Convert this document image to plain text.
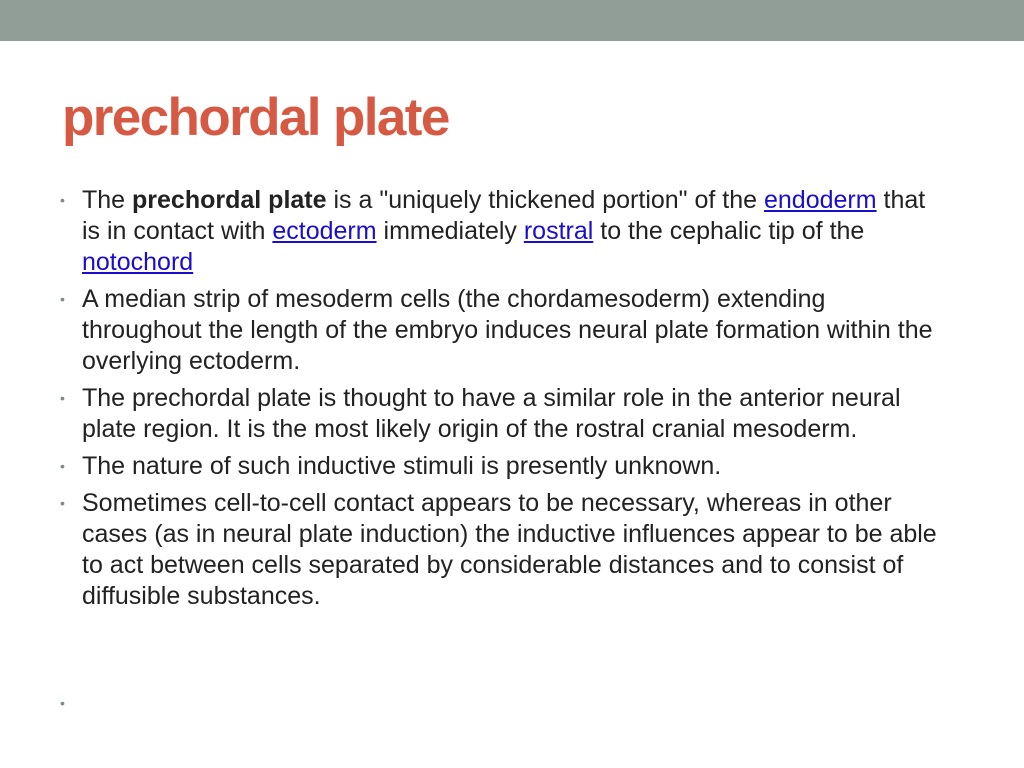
prechordal plate
• The prechordal plate is a "uniquely thickened portion" of the endoderm that is in contact with ectoderm immediately rostral to the cephalic tip of the notochord
• A median strip of mesoderm cells (the chordamesoderm) extending throughout the length of the embryo induces neural plate formation within the overlying ectoderm.
• The prechordal plate is thought to have a similar role in the anterior neural plate region. It is the most likely origin of the rostral cranial mesoderm.
• The nature of such inductive stimuli is presently unknown.
• Sometimes cell-to-cell contact appears to be necessary, whereas in other cases (as in neural plate induction) the inductive influences appear to be able to act between cells separated by considerable distances and to consist of diffusible substances.
•
